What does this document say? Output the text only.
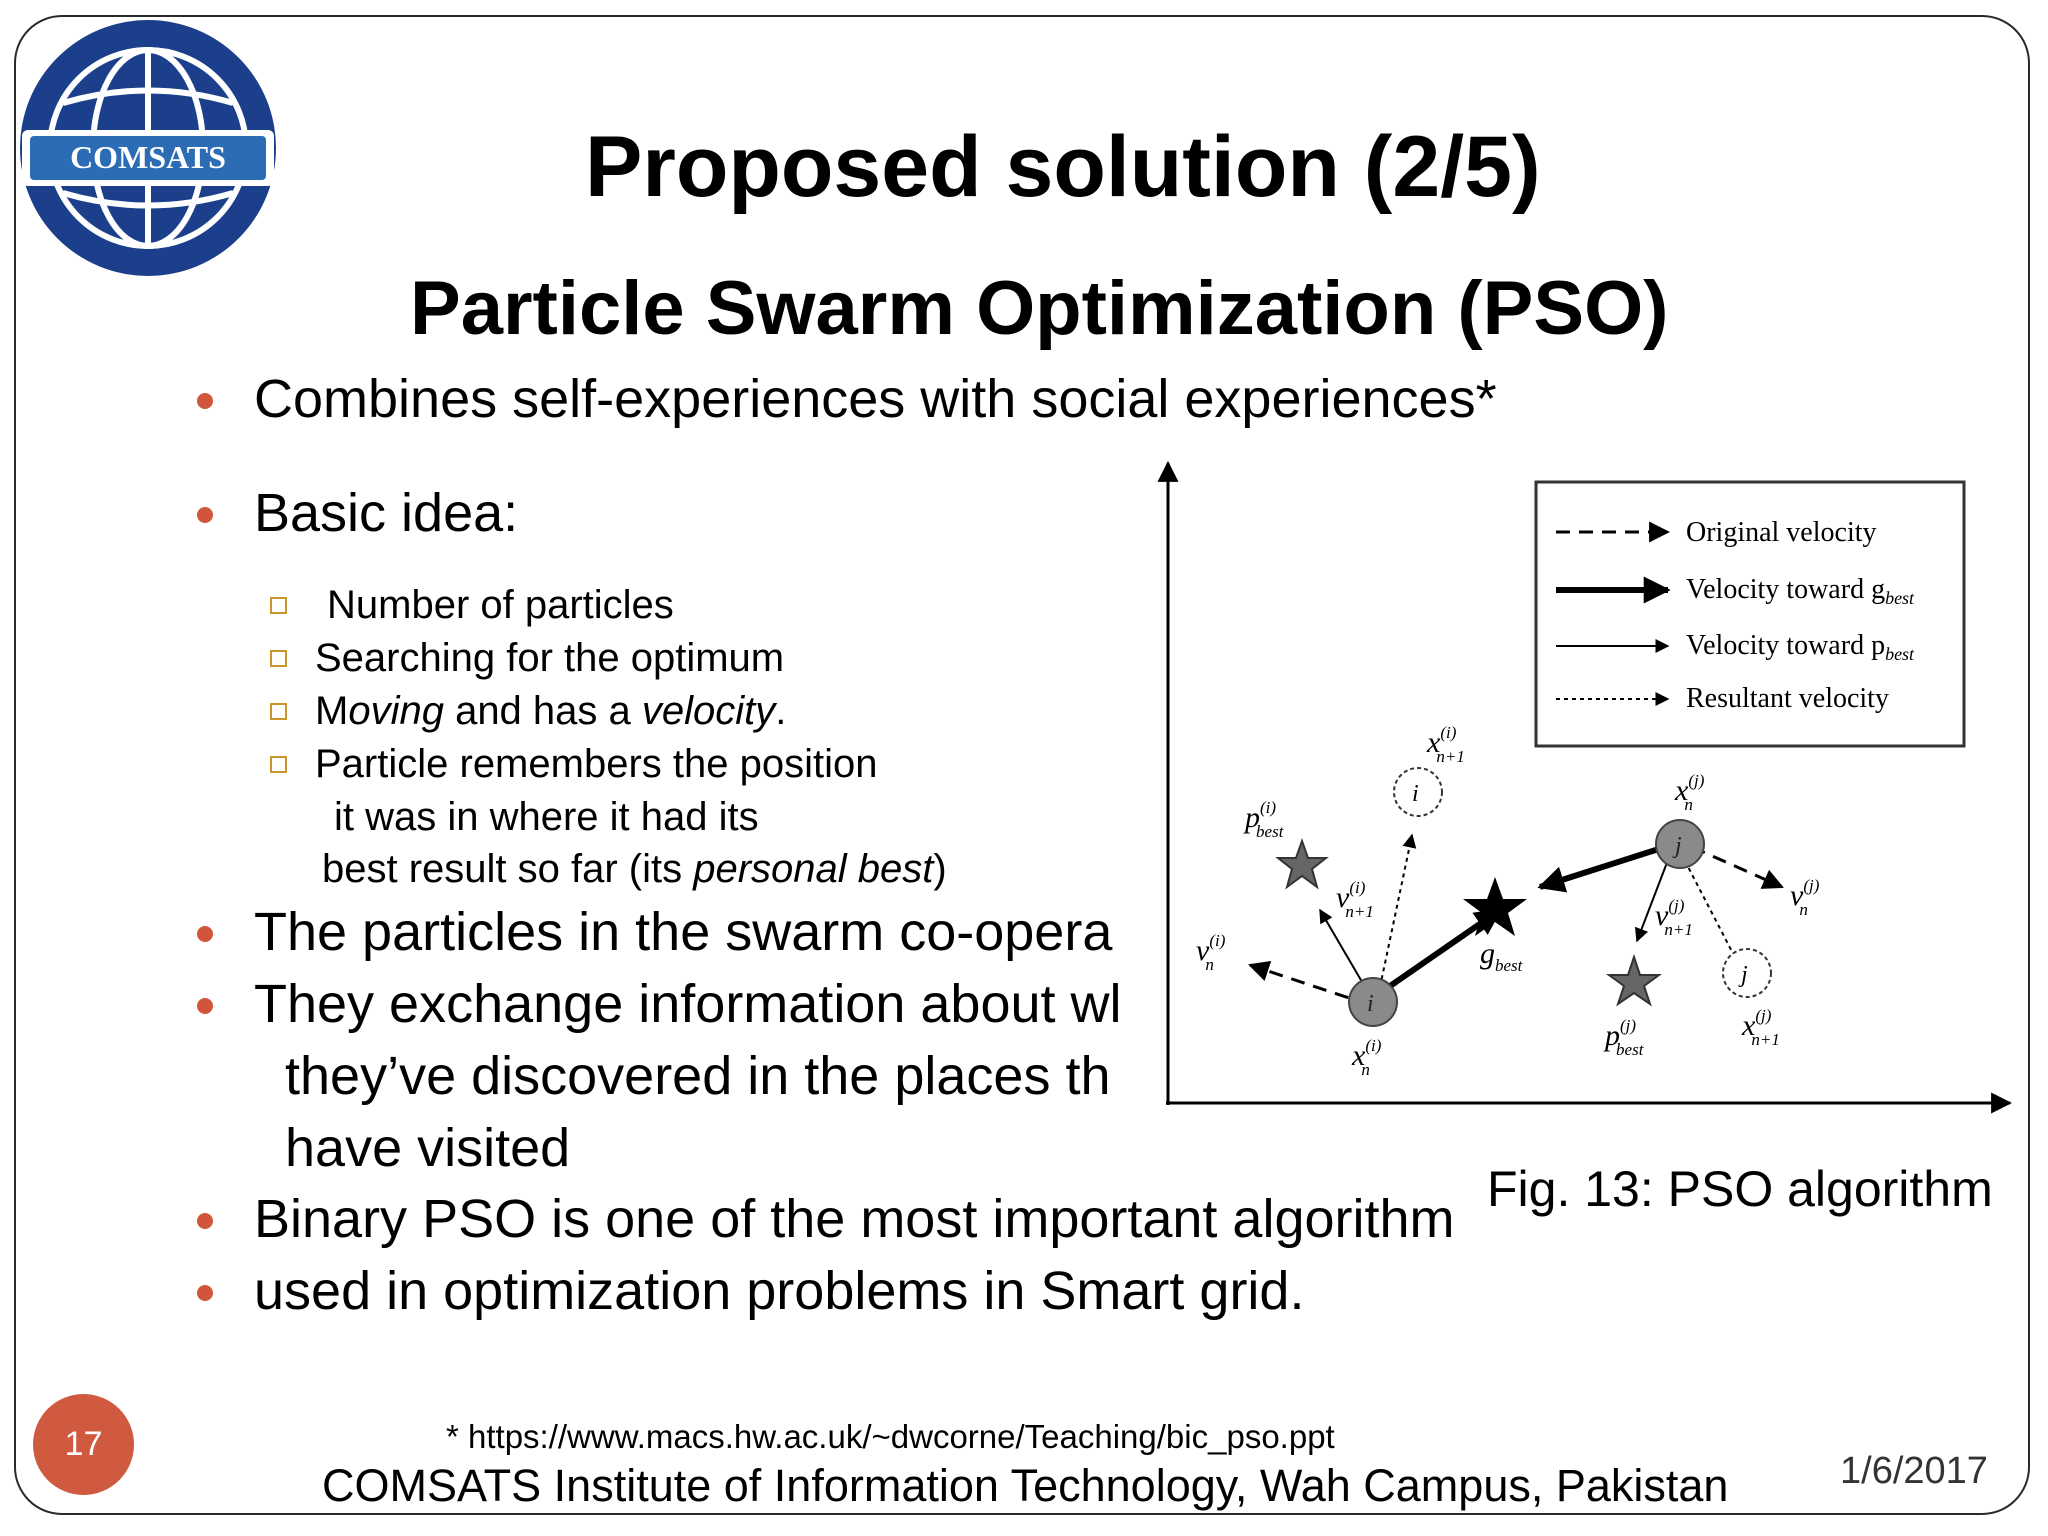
COMSATS	Proposed solution (2/5)
Particle Swarm Optimization (PSO)
Combines self-experiences with social experiences*
Basic idea:
Number of particles
Searching for the optimum
Moving and has a velocity.
Particle remembers the position
it was in where it had its
best result so far (its personal best)
The particles in the swarm co-opera
They exchange information about wl
they’ve discovered in the places th
have visited
Binary PSO is one of the most important algorithm
used in optimization problems in Smart grid.
Original velocity
Velocity toward $g_{best}$
Velocity toward $p_{best}$
Resultant velocity
i
j
i
j
$x^{(i)}$ n+1
$p^{(i)}$ best
$v^{(i)}$ n+1
$v^{(i)}$ n	$g_{best}$
$x^{(i)}$ n
$x^{(j)}$ n
$v^{(j)}$ n
$v^{(j)}$ n+1
$p^{(j)}$ best
$x^{(j)}$ n+1
Fig. 13: PSO algorithm
17	* https://www.macs.hw.ac.uk/~dwcorne/Teaching/bic_pso.ppt
COMSATS Institute of Information Technology, Wah Campus, Pakistan	1/6/2017
